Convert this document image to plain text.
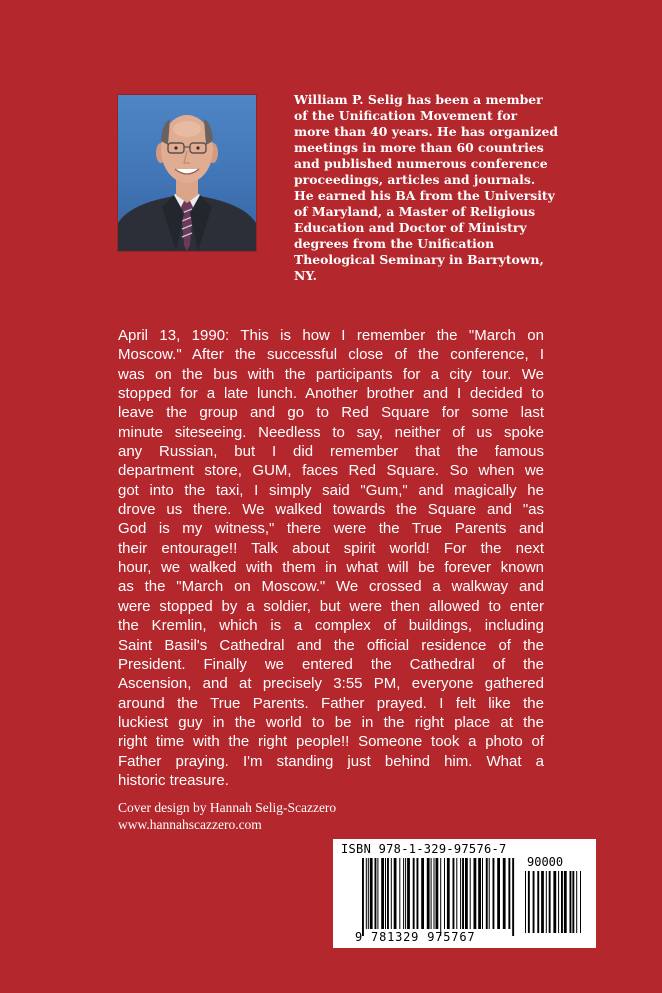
William P. Selig has been a member
of the Unification Movement for
more than 40 years. He has organized
meetings in more than 60 countries
and published numerous conference
proceedings, articles and journals.
He earned his BA from the University
of Maryland, a Master of Religious
Education and Doctor of Ministry
degrees from the Unification
Theological Seminary in Barrytown,
NY.

April 13, 1990: This is how I remember the "March on
Moscow." After the successful close of the conference, I
was on the bus with the participants for a city tour. We
stopped for a late lunch. Another brother and I decided to
leave the group and go to Red Square for some last
minute siteseeing. Needless to say, neither of us spoke
any Russian, but I did remember that the famous
department store, GUM, faces Red Square. So when we
got into the taxi, I simply said "Gum," and magically he
drove us there. We walked towards the Square and "as
God is my witness," there were the True Parents and
their entourage!! Talk about spirit world! For the next
hour, we walked with them in what will be forever known
as the "March on Moscow." We crossed a walkway and
were stopped by a soldier, but were then allowed to enter
the Kremlin, which is a complex of buildings, including
Saint Basil's Cathedral and the official residence of the
President. Finally we entered the Cathedral of the
Ascension, and at precisely 3:55 PM, everyone gathered
around the True Parents. Father prayed. I felt like the
luckiest guy in the world to be in the right place at the
right time with the right people!! Someone took a photo of
Father praying. I'm standing just behind him. What a
historic treasure.

Cover design by Hannah Selig-Scazzero
www.hannahscazzero.com
ISBN 978-1-329-97576-7
90000
9 781329 975767
